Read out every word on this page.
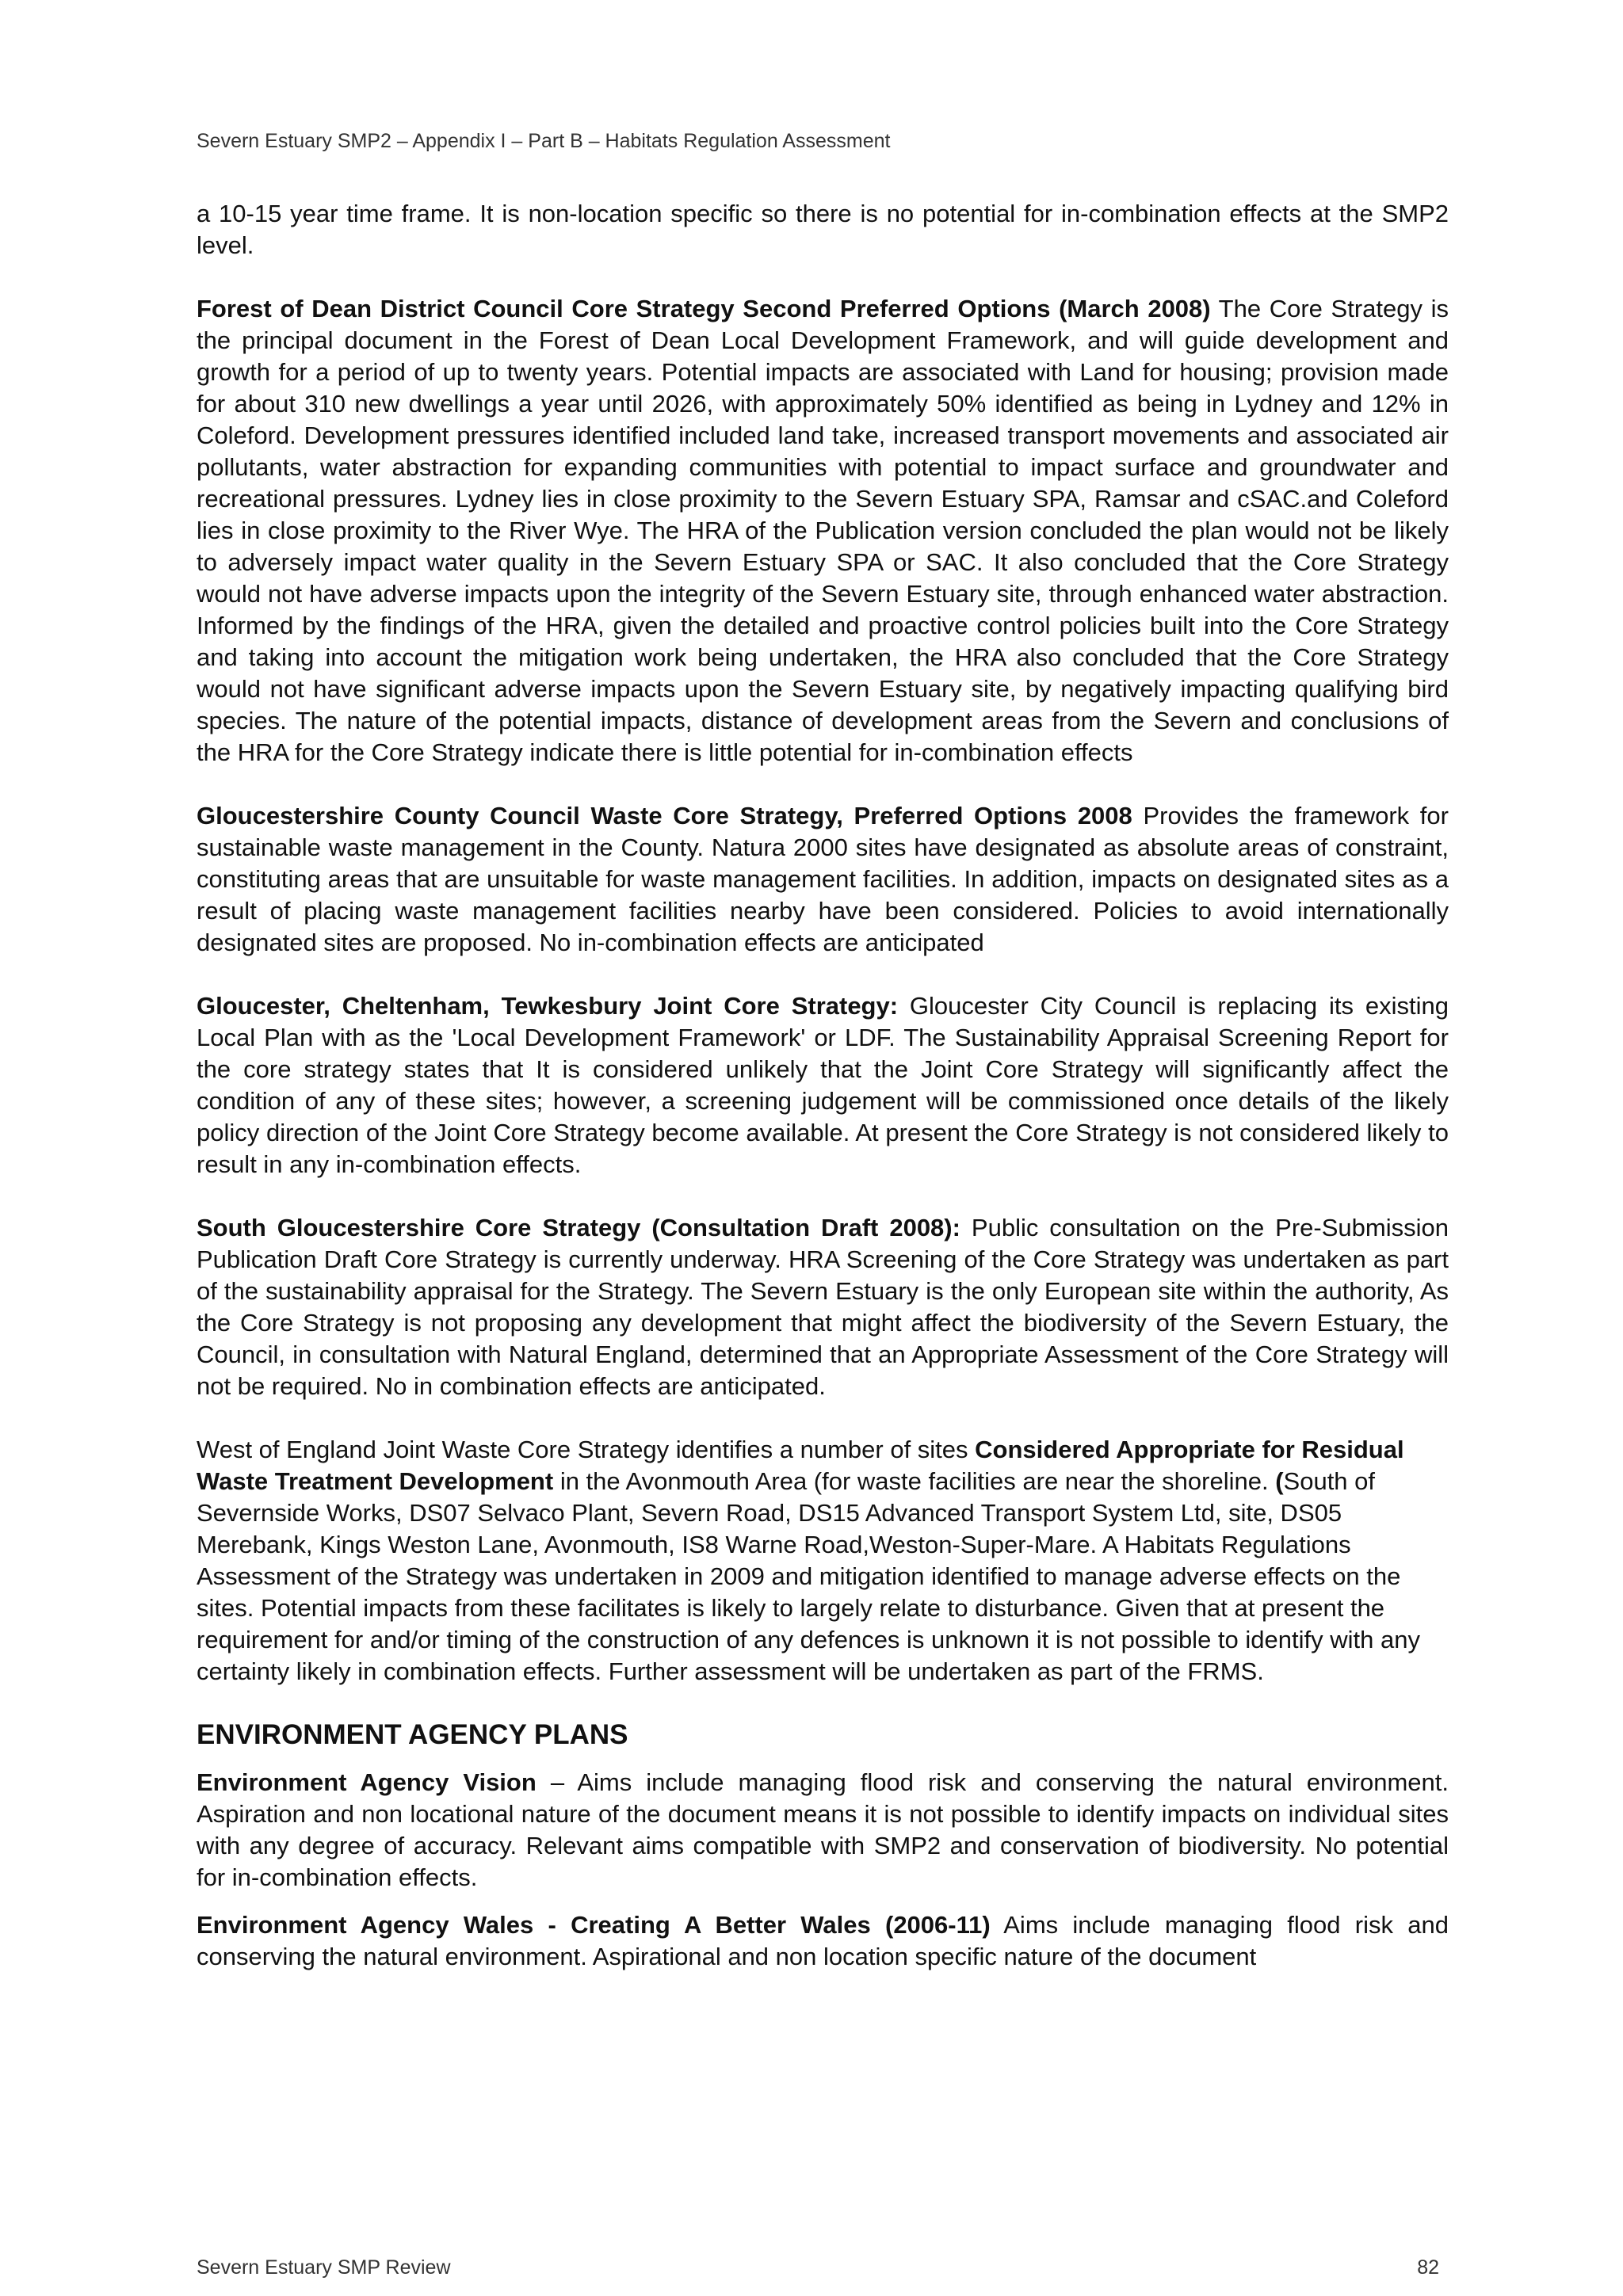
Severn Estuary SMP2 – Appendix I – Part B – Habitats Regulation Assessment

a 10-15 year time frame. It is non-location specific so there is no potential for in-combination effects at the SMP2 level.

Forest of Dean District Council Core Strategy Second Preferred Options (March 2008) The Core Strategy is the principal document in the Forest of Dean Local Development Framework, and will guide development and growth for a period of up to twenty years. Potential impacts are associated with Land for housing; provision made for about 310 new dwellings a year until 2026, with approximately 50% identified as being in Lydney and 12% in Coleford. Development pressures identified included land take, increased transport movements and associated air pollutants, water abstraction for expanding communities with potential to impact surface and groundwater and recreational pressures. Lydney lies in close proximity to the Severn Estuary SPA, Ramsar and cSAC.and Coleford lies in close proximity to the River Wye. The HRA of the Publication version concluded the plan would not be likely to adversely impact water quality in the Severn Estuary SPA or SAC. It also concluded that the Core Strategy would not have adverse impacts upon the integrity of the Severn Estuary site, through enhanced water abstraction. Informed by the findings of the HRA, given the detailed and proactive control policies built into the Core Strategy and taking into account the mitigation work being undertaken, the HRA also concluded that the Core Strategy would not have significant adverse impacts upon the Severn Estuary site, by negatively impacting qualifying bird species. The nature of the potential impacts, distance of development areas from the Severn and conclusions of the HRA for the Core Strategy indicate there is little potential for in-combination effects

Gloucestershire County Council Waste Core Strategy, Preferred Options 2008 Provides the framework for sustainable waste management in the County. Natura 2000 sites have designated as absolute areas of constraint, constituting areas that are unsuitable for waste management facilities. In addition, impacts on designated sites as a result of placing waste management facilities nearby have been considered. Policies to avoid internationally designated sites are proposed. No in-combination effects are anticipated

Gloucester, Cheltenham, Tewkesbury Joint Core Strategy: Gloucester City Council is replacing its existing Local Plan with as the 'Local Development Framework' or LDF. The Sustainability Appraisal Screening Report for the core strategy states that It is considered unlikely that the Joint Core Strategy will significantly affect the condition of any of these sites; however, a screening judgement will be commissioned once details of the likely policy direction of the Joint Core Strategy become available. At present the Core Strategy is not considered likely to result in any in-combination effects.

South Gloucestershire Core Strategy (Consultation Draft 2008): Public consultation on the Pre-Submission Publication Draft Core Strategy is currently underway. HRA Screening of the Core Strategy was undertaken as part of the sustainability appraisal for the Strategy. The Severn Estuary is the only European site within the authority, As the Core Strategy is not proposing any development that might affect the biodiversity of the Severn Estuary, the Council, in consultation with Natural England, determined that an Appropriate Assessment of the Core Strategy will not be required. No in combination effects are anticipated.

West of England Joint Waste Core Strategy identifies a number of sites Considered Appropriate for Residual Waste Treatment Development in the Avonmouth Area (for waste facilities are near the shoreline. (South of Severnside Works, DS07 Selvaco Plant, Severn Road, DS15 Advanced Transport System Ltd, site, DS05 Merebank, Kings Weston Lane, Avonmouth, IS8 Warne Road,Weston-Super-Mare. A Habitats Regulations Assessment of the Strategy was undertaken in 2009 and mitigation identified to manage adverse effects on the sites. Potential impacts from these facilitates is likely to largely relate to disturbance. Given that at present the requirement for and/or timing of the construction of any defences is unknown it is not possible to identify with any certainty likely in combination effects. Further assessment will be undertaken as part of the FRMS.

ENVIRONMENT AGENCY PLANS

Environment Agency Vision – Aims include managing flood risk and conserving the natural environment. Aspiration and non locational nature of the document means it is not possible to identify impacts on individual sites with any degree of accuracy. Relevant aims compatible with SMP2 and conservation of biodiversity. No potential for in-combination effects.

Environment Agency Wales - Creating A Better Wales (2006-11) Aims include managing flood risk and conserving the natural environment. Aspirational and non location specific nature of the document

Severn Estuary SMP Review	82
